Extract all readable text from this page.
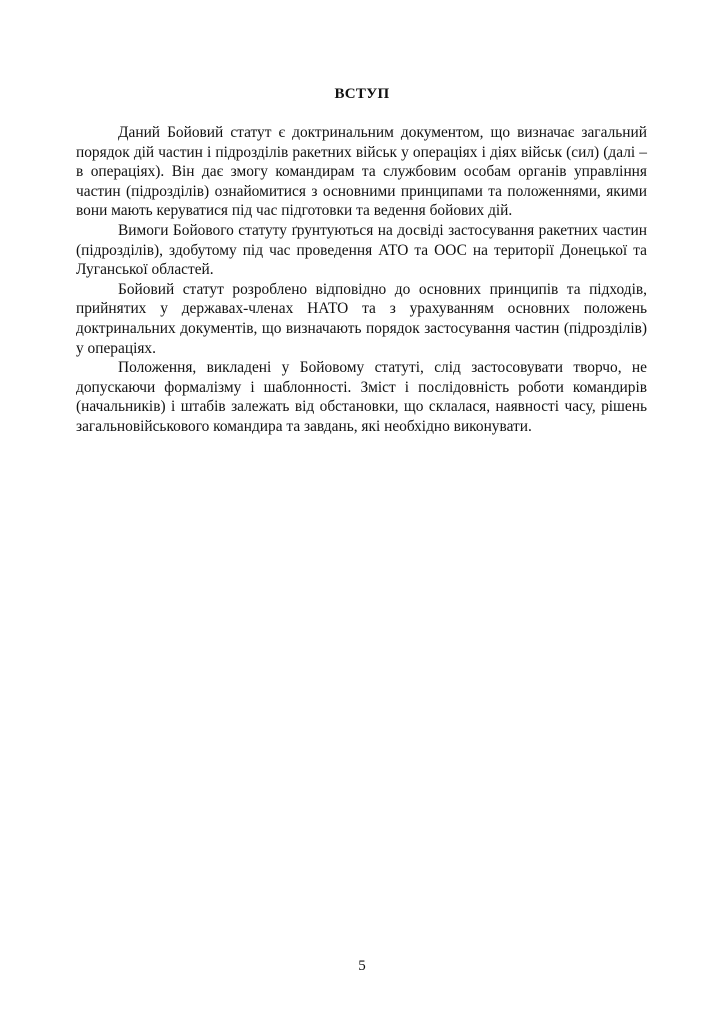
ВСТУП

Даний Бойовий статут є доктринальним документом, що визначає загальний порядок дій частин і підрозділів ракетних військ у операціях і діях військ (сил) (далі – в операціях). Він дає змогу командирам та службовим особам органів управління частин (підрозділів) ознайомитися з основними принципами та положеннями, якими вони мають керуватися під час підготовки та ведення бойових дій.

Вимоги Бойового статуту ґрунтуються на досвіді застосування ракетних частин (підрозділів), здобутому під час проведення АТО та ООС на території Донецької та Луганської областей.

Бойовий статут розроблено відповідно до основних принципів та підходів, прийнятих у державах-членах НАТО та з урахуванням основних положень доктринальних документів, що визначають порядок застосування частин (підрозділів) у операціях.

Положення, викладені у Бойовому статуті, слід застосовувати творчо, не допускаючи формалізму і шаблонності. Зміст і послідовність роботи командирів (начальників) і штабів залежать від обстановки, що склалася, наявності часу, рішень загальновійськового командира та завдань, які необхідно виконувати.

5
